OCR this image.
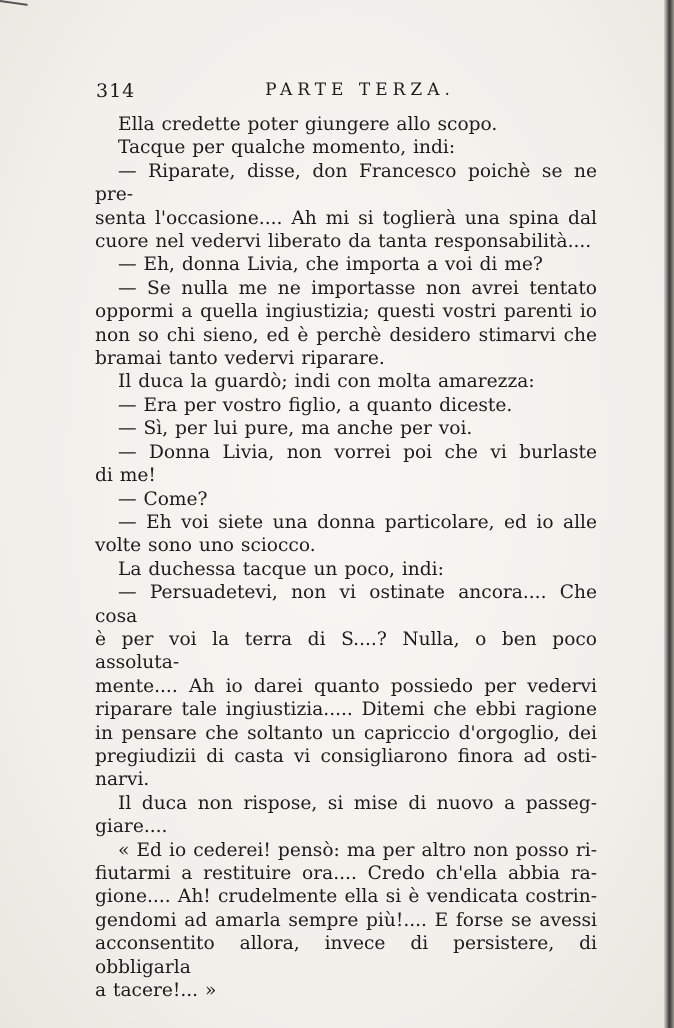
314	PARTE TERZA.

Ella credette poter giungere allo scopo.

Tacque per qualche momento, indi:

— Riparate, disse, don Francesco poichè se ne pre-
senta l'occasione.... Ah mi si toglierà una spina dal
cuore nel vedervi liberato da tanta responsabilità....

— Eh, donna Livia, che importa a voi di me?

— Se nulla me ne importasse non avrei tentato
oppormi a quella ingiustizia; questi vostri parenti io
non so chi sieno, ed è perchè desidero stimarvi che
bramai tanto vedervi riparare.

Il duca la guardò; indi con molta amarezza:

— Era per vostro figlio, a quanto diceste.

— Sì, per lui pure, ma anche per voi.

— Donna Livia, non vorrei poi che vi burlaste
di me!

— Come?

— Eh voi siete una donna particolare, ed io alle
volte sono uno sciocco.

La duchessa tacque un poco, indi:

— Persuadetevi, non vi ostinate ancora.... Che cosa
è per voi la terra di S....? Nulla, o ben poco assoluta-
mente.... Ah io darei quanto possiedo per vedervi
riparare tale ingiustizia..... Ditemi che ebbi ragione
in pensare che soltanto un capriccio d'orgoglio, dei
pregiudizii di casta vi consigliarono finora ad osti-
narvi.

Il duca non rispose, si mise di nuovo a passeg-
giare....

« Ed io cederei! pensò: ma per altro non posso ri-
fiutarmi a restituire ora.... Credo ch'ella abbia ra-
gione.... Ah! crudelmente ella si è vendicata costrin-
gendomi ad amarla sempre più!.... E forse se avessi
acconsentito allora, invece di persistere, di obbligarla
a tacere!... »
